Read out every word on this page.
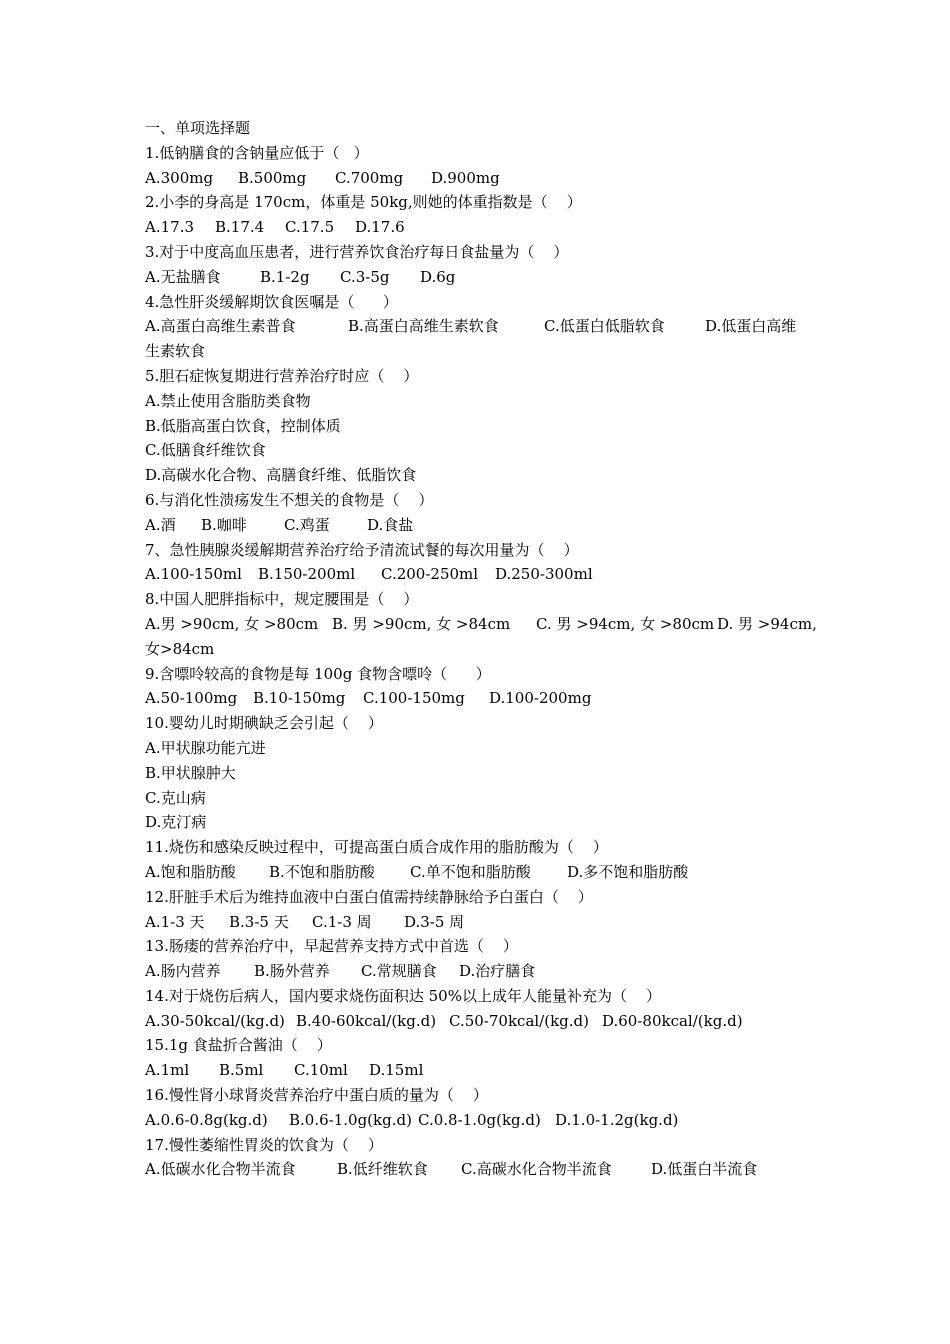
一、单项选择题
1.低钠膳食的含钠量应低于（   ）
A.300mg	B.500mg	C.700mg	D.900mg
2.小李的身高是 170cm，体重是 50kg,则她的体重指数是（    ）
A.17.3	B.17.4	C.17.5	D.17.6
3.对于中度高血压患者，进行营养饮食治疗每日食盐量为（    ）
A.无盐膳食	B.1-2g	C.3-5g	D.6g
4.急性肝炎缓解期饮食医嘱是（      ）
A.高蛋白高维生素普食	B.高蛋白高维生素软食	C.低蛋白低脂软食	D.低蛋白高维
生素软食
5.胆石症恢复期进行营养治疗时应（    ）
A.禁止使用含脂肪类食物
B.低脂高蛋白饮食，控制体质
C.低膳食纤维饮食
D.高碳水化合物、高膳食纤维、低脂饮食
6.与消化性溃疡发生不想关的食物是（    ）
A.酒	B.咖啡	C.鸡蛋	D.食盐
7、急性胰腺炎缓解期营养治疗给予清流试餐的每次用量为（    ）
A.100-150ml	B.150-200ml	C.200-250ml	D.250-300ml
8.中国人肥胖指标中，规定腰围是（    ）
A.男 >90cm, 女 >80cm B. 男 >90cm, 女 >84cm	C. 男 >94cm, 女 >80cm D. 男 >94cm,
女>84cm
9.含嘌呤较高的食物是每 100g 食物含嘌呤（      ）
A.50-100mg	B.10-150mg	C.100-150mg	D.100-200mg
10.婴幼儿时期碘缺乏会引起（    ）
A.甲状腺功能亢进
B.甲状腺肿大
C.克山病
D.克汀病
11.烧伤和感染反映过程中，可提高蛋白质合成作用的脂肪酸为（    ）
A.饱和脂肪酸	B.不饱和脂肪酸	C.单不饱和脂肪酸	D.多不饱和脂肪酸
12.肝脏手术后为维持血液中白蛋白值需持续静脉给予白蛋白（    ）
A.1-3 天	B.3-5 天	C.1-3 周	D.3-5 周
13.肠瘘的营养治疗中，早起营养支持方式中首选（    ）
A.肠内营养	B.肠外营养	C.常规膳食	D.治疗膳食
14.对于烧伤后病人，国内要求烧伤面积达 50%以上成年人能量补充为（    ）
A.30-50kcal/(kg.d) B.40-60kcal/(kg.d) C.50-70kcal/(kg.d) D.60-80kcal/(kg.d)
15.1g 食盐折合酱油（    ）
A.1ml	B.5ml	C.10ml	D.15ml
16.慢性肾小球肾炎营养治疗中蛋白质的量为（    ）
A.0.6-0.8g(kg.d)	B.0.6-1.0g(kg.d) C.0.8-1.0g(kg.d) D.1.0-1.2g(kg.d)
17.慢性萎缩性胃炎的饮食为（    ）
A.低碳水化合物半流食	B.低纤维软食	C.高碳水化合物半流食	D.低蛋白半流食
